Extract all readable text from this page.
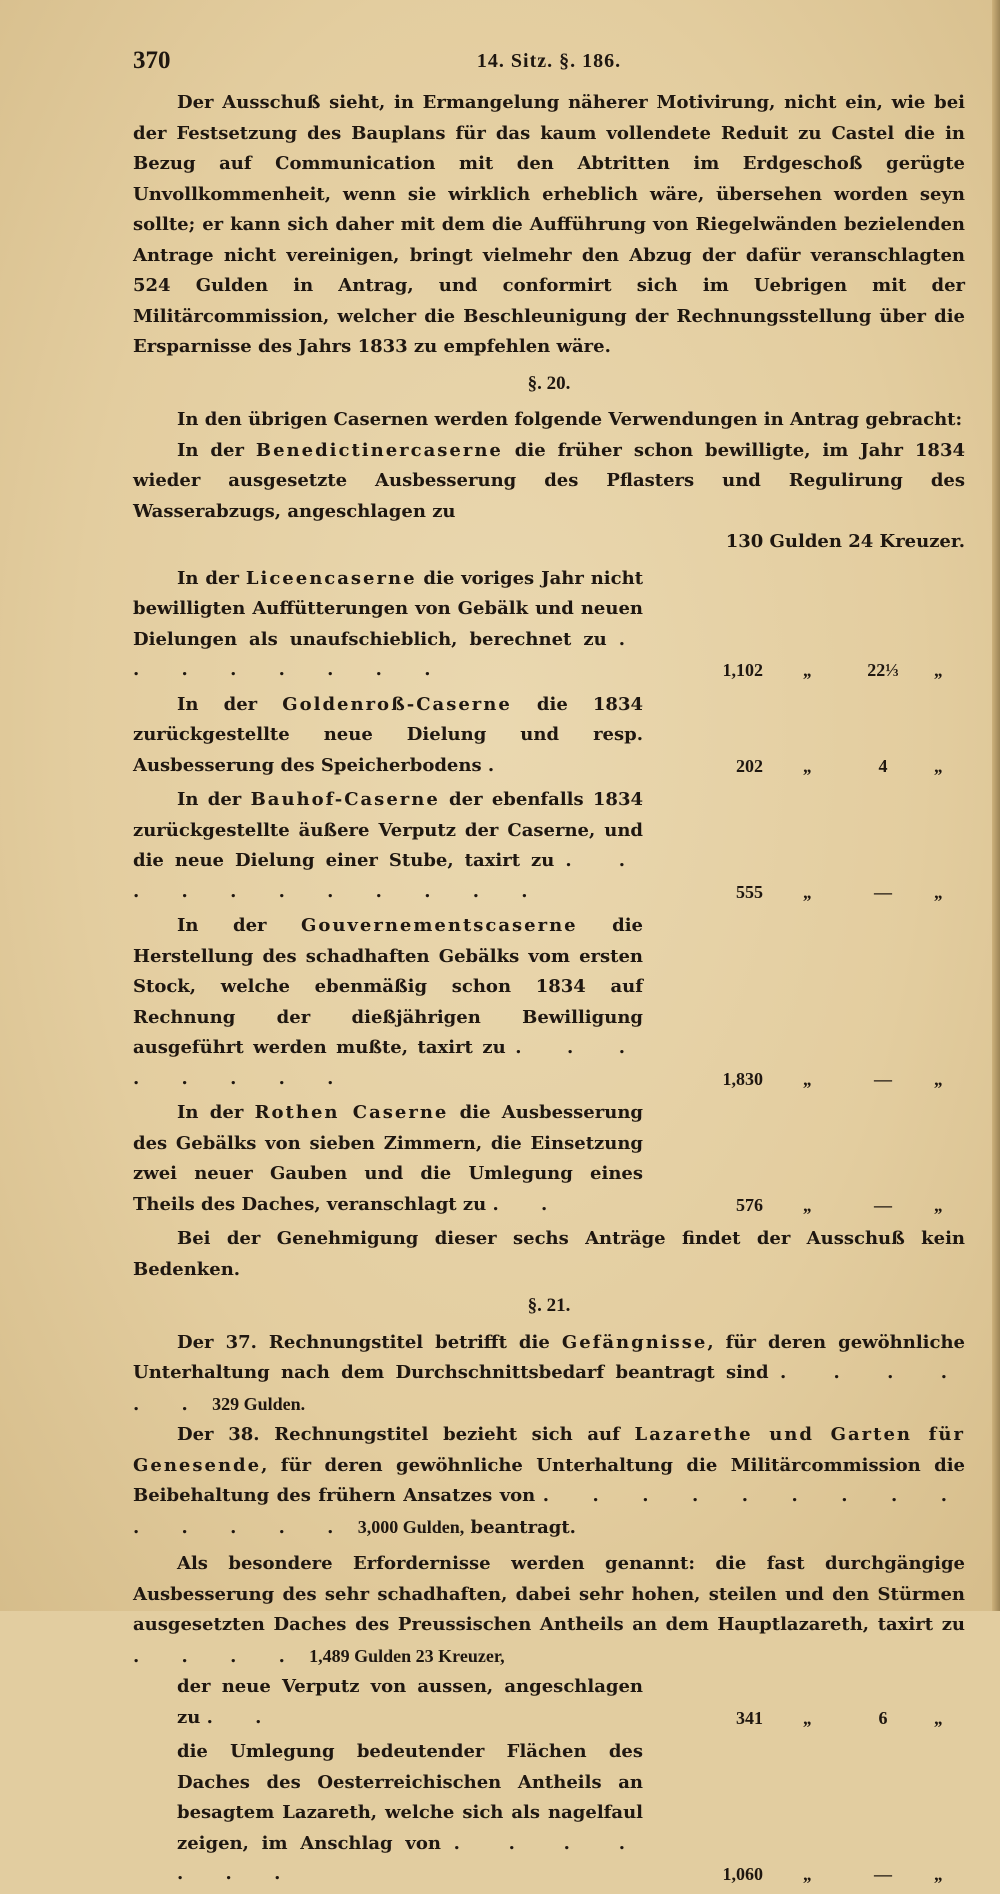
370	14. Sitz. §. 186.

Der Ausschuß sieht, in Ermangelung näherer Motivirung, nicht ein, wie bei der Festsetzung des Bauplans für das kaum vollendete Reduit zu Castel die in Bezug auf Communication mit den Abtritten im Erdgeschoß gerügte Unvollkommenheit, wenn sie wirklich erheblich wäre, übersehen worden seyn sollte; er kann sich daher mit dem die Aufführung von Riegelwänden bezielenden Antrage nicht vereinigen, bringt vielmehr den Abzug der dafür veranschlagten 524 Gulden in Antrag, und conformirt sich im Uebrigen mit der Militärcommission, welcher die Beschleunigung der Rechnungsstellung über die Ersparnisse des Jahrs 1833 zu empfehlen wäre.

§. 20.

In den übrigen Casernen werden folgende Verwendungen in Antrag gebracht:

In der Benedictinercaserne die früher schon bewilligte, im Jahr 1834 wieder ausgesetzte Ausbesserung des Pflasters und Regulirung des Wasserabzugs, angeschlagen zu

130 Gulden 24 Kreuzer.

In der Liceencaserne die voriges Jahr nicht bewilligten Auffütterungen von Gebälk und neuen Dielungen als unaufschieblich, berechnet zu . . . . . . . .	1,102	„	22⅓	„
In der Goldenroß-Caserne die 1834 zurückgestellte neue Dielung und resp. Ausbesserung des Speicherbodens .	202	„	4	„
In der Bauhof-Caserne der ebenfalls 1834 zurückgestellte äußere Verputz der Caserne, und die neue Dielung einer Stube, taxirt zu . . . . . . . . . . .	555	„	—	„
In der Gouvernementscaserne die Herstellung des schadhaften Gebälks vom ersten Stock, welche ebenmäßig schon 1834 auf Rechnung der dießjährigen Bewilligung ausgeführt werden mußte, taxirt zu . . . . . . . .	1,830	„	—	„
In der Rothen Caserne die Ausbesserung des Gebälks von sieben Zimmern, die Einsetzung zwei neuer Gauben und die Umlegung eines Theils des Daches, veranschlagt zu . .	576	„	—	„

Bei der Genehmigung dieser sechs Anträge findet der Ausschuß kein Bedenken.

§. 21.

Der 37. Rechnungstitel betrifft die Gefängnisse, für deren gewöhnliche Unterhaltung nach dem Durchschnittsbedarf beantragt sind . . . . . . 329 Gulden.

Der 38. Rechnungstitel bezieht sich auf Lazarethe und Garten für Genesende, für deren gewöhnliche Unterhaltung die Militärcommission die Beibehaltung des frühern Ansatzes von . . . . . . . . . . . . . . 3,000 Gulden, beantragt.

Als besondere Erfordernisse werden genannt: die fast durchgängige Ausbesserung des sehr schadhaften, dabei sehr hohen, steilen und den Stürmen ausgesetzten Daches des Preussischen Antheils an dem Hauptlazareth, taxirt zu . . . . 1,489 Gulden 23 Kreuzer,

der neue Verputz von aussen, angeschlagen zu . .	341	„	6	„
die Umlegung bedeutender Flächen des Daches des Oesterreichischen Antheils an besagtem Lazareth, welche sich als nagelfaul zeigen, im Anschlag von . . . . . . .	1,060	„	—	„
